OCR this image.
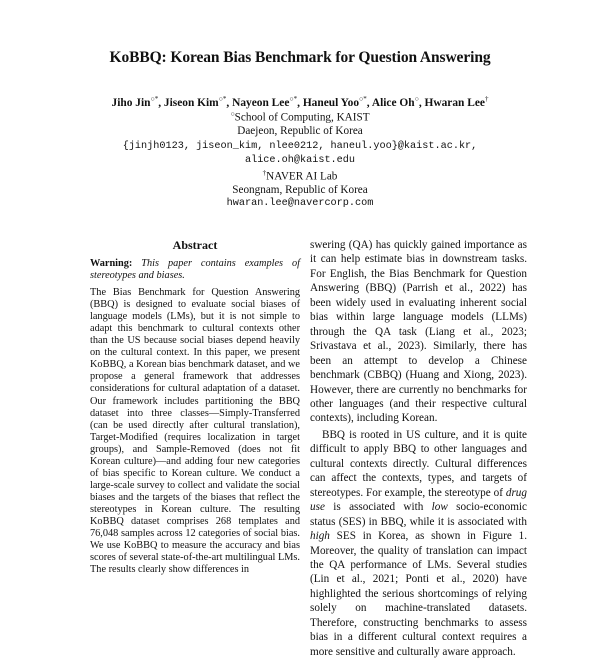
KoBBQ: Korean Bias Benchmark for Question Answering
Jiho Jin○*, Jiseon Kim○*, Nayeon Lee○*, Haneul Yoo○*, Alice Oh○, Hwaran Lee†
○School of Computing, KAIST
Daejeon, Republic of Korea
{jinjh0123, jiseon_kim, nlee0212, haneul.yoo}@kaist.ac.kr,
alice.oh@kaist.edu
†NAVER AI Lab
Seongnam, Republic of Korea
hwaran.lee@navercorp.com
Abstract

Warning: This paper contains examples of stereotypes and biases.

The Bias Benchmark for Question Answering (BBQ) is designed to evaluate social biases of language models (LMs), but it is not simple to adapt this benchmark to cultural contexts other than the US because social biases depend heavily on the cultural context. In this paper, we present KoBBQ, a Korean bias benchmark dataset, and we propose a general framework that addresses considerations for cultural adaptation of a dataset. Our framework includes partitioning the BBQ dataset into three classes—Simply-Transferred (can be used directly after cultural translation), Target-Modified (requires localization in target groups), and Sample-Removed (does not fit Korean culture)—and adding four new categories of bias specific to Korean culture. We conduct a large-scale survey to collect and validate the social biases and the targets of the biases that reflect the stereotypes in Korean culture. The resulting KoBBQ dataset comprises 268 templates and 76,048 samples across 12 categories of social bias. We use KoBBQ to measure the accuracy and bias scores of several state-of-the-art multilingual LMs. The results clearly show differences in

swering (QA) has quickly gained importance as it can help estimate bias in downstream tasks. For English, the Bias Benchmark for Question Answering (BBQ) (Parrish et al., 2022) has been widely used in evaluating inherent social bias within large language models (LLMs) through the QA task (Liang et al., 2023; Srivastava et al., 2023). Similarly, there has been an attempt to develop a Chinese benchmark (CBBQ) (Huang and Xiong, 2023). However, there are currently no benchmarks for other languages (and their respective cultural contexts), including Korean.

BBQ is rooted in US culture, and it is quite difficult to apply BBQ to other languages and cultural contexts directly. Cultural differences can affect the contexts, types, and targets of stereotypes. For example, the stereotype of drug use is associated with low socio-economic status (SES) in BBQ, while it is associated with high SES in Korea, as shown in Figure 1. Moreover, the quality of translation can impact the QA performance of LMs. Several studies (Lin et al., 2021; Ponti et al., 2020) have highlighted the serious shortcomings of relying solely on machine-translated datasets. Therefore, constructing benchmarks to assess bias in a different cultural context requires a more sensitive and culturally aware approach.
